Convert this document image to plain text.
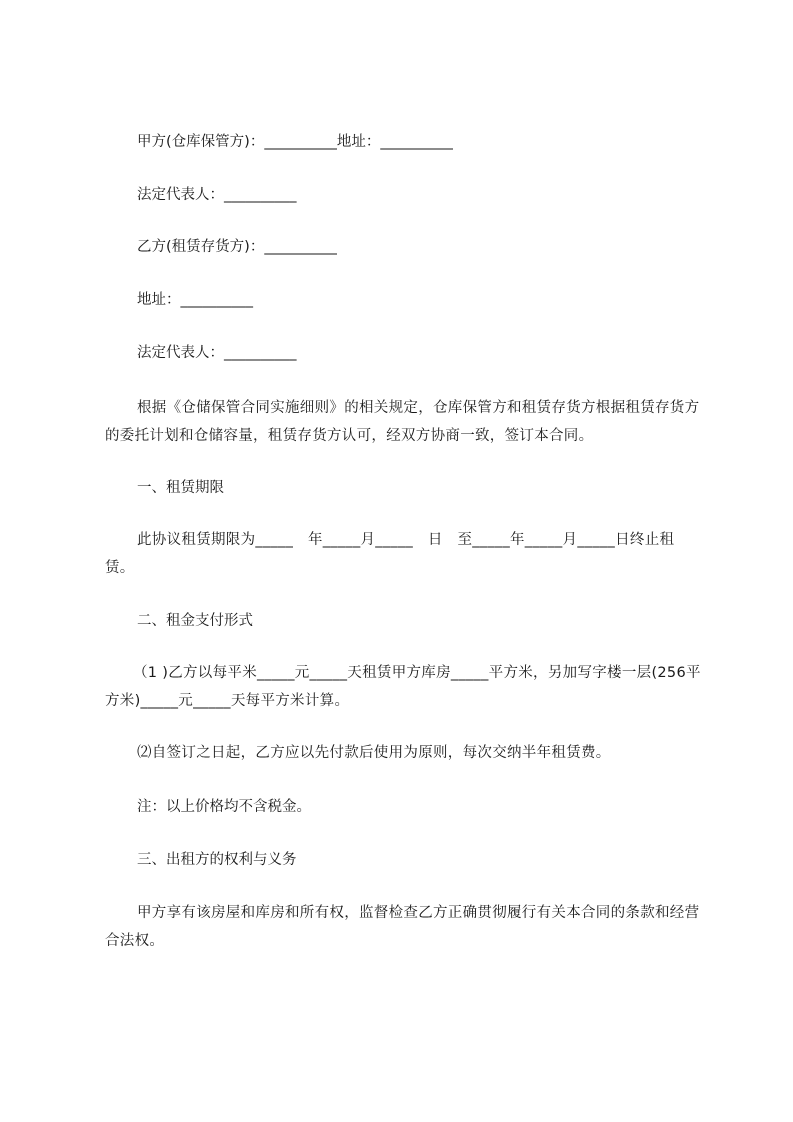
甲方(仓库保管方)：__________地址：__________
法定代表人：__________
乙方(租赁存货方)：__________
地址：__________
法定代表人：__________
根据《仓储保管合同实施细则》的相关规定，仓库保管方和租赁存货方根据租赁存货方的委托计划和仓储容量，租赁存货方认可，经双方协商一致，签订本合同。
一、租赁期限
此协议租赁期限为_____　年_____月_____　日　至_____年_____月_____日终止租赁。
二、租金支付形式
（1 )乙方以每平米_____元_____天租赁甲方库房_____平方米，另加写字楼一层(256平方米)_____元_____天每平方米计算。
⑵自签订之日起，乙方应以先付款后使用为原则，每次交纳半年租赁费。
注：以上价格均不含税金。
三、出租方的权利与义务
甲方享有该房屋和库房和所有权，监督检查乙方正确贯彻履行有关本合同的条款和经营合法权。
